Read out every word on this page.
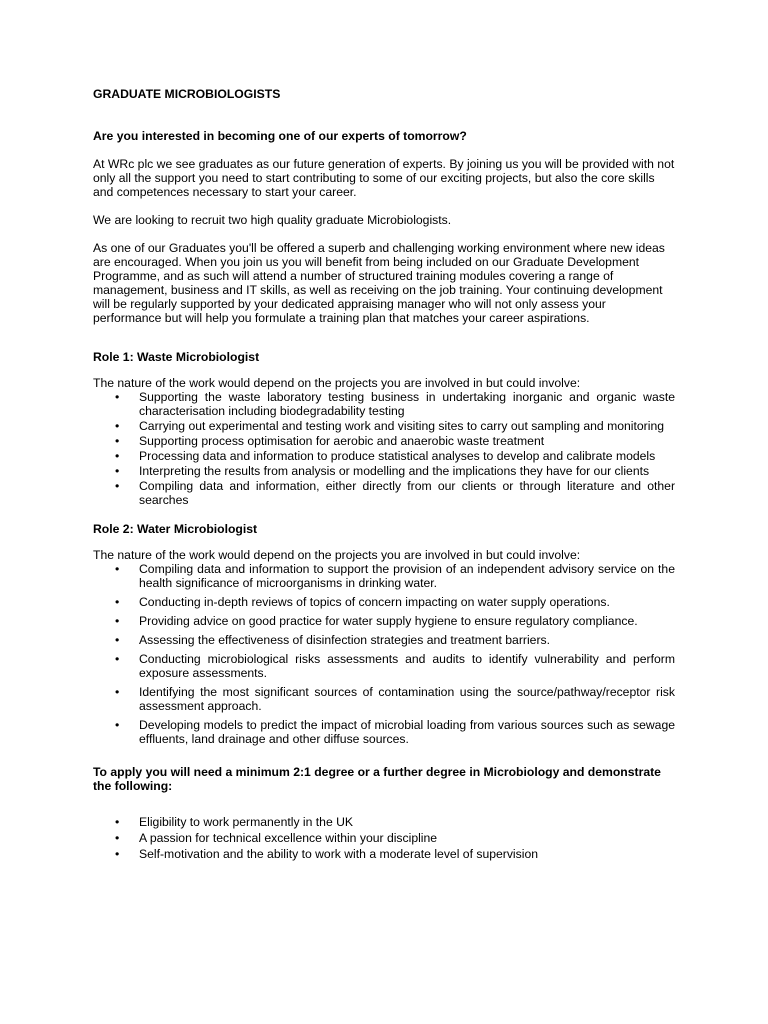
GRADUATE MICROBIOLOGISTS

Are you interested in becoming one of our experts of tomorrow?

At WRc plc we see graduates as our future generation of experts. By joining us you will be provided with not only all the support you need to start contributing to some of our exciting projects, but also the core skills and competences necessary to start your career.

We are looking to recruit two high quality graduate Microbiologists.

As one of our Graduates you'll be offered a superb and challenging working environment where new ideas are encouraged. When you join us you will benefit from being included on our Graduate Development Programme, and as such will attend a number of structured training modules covering a range of management, business and IT skills, as well as receiving on the job training. Your continuing development will be regularly supported by your dedicated appraising manager who will not only assess your performance but will help you formulate a training plan that matches your career aspirations.

Role 1: Waste Microbiologist

The nature of the work would depend on the projects you are involved in but could involve:

• Supporting the waste laboratory testing business in undertaking inorganic and organic waste characterisation including biodegradability testing
• Carrying out experimental and testing work and visiting sites to carry out sampling and monitoring
• Supporting process optimisation for aerobic and anaerobic waste treatment
• Processing data and information to produce statistical analyses to develop and calibrate models
• Interpreting the results from analysis or modelling and the implications they have for our clients
• Compiling data and information, either directly from our clients or through literature and other searches

Role 2: Water Microbiologist

The nature of the work would depend on the projects you are involved in but could involve:

• Compiling data and information to support the provision of an independent advisory service on the health significance of microorganisms in drinking water.
• Conducting in-depth reviews of topics of concern impacting on water supply operations.
• Providing advice on good practice for water supply hygiene to ensure regulatory compliance.
• Assessing the effectiveness of disinfection strategies and treatment barriers.
• Conducting microbiological risks assessments and audits to identify vulnerability and perform exposure assessments.
• Identifying the most significant sources of contamination using the source/pathway/receptor risk assessment approach.
• Developing models to predict the impact of microbial loading from various sources such as sewage effluents, land drainage and other diffuse sources.

To apply you will need a minimum 2:1 degree or a further degree in Microbiology and demonstrate the following:

• Eligibility to work permanently in the UK
• A passion for technical excellence within your discipline
• Self-motivation and the ability to work with a moderate level of supervision
